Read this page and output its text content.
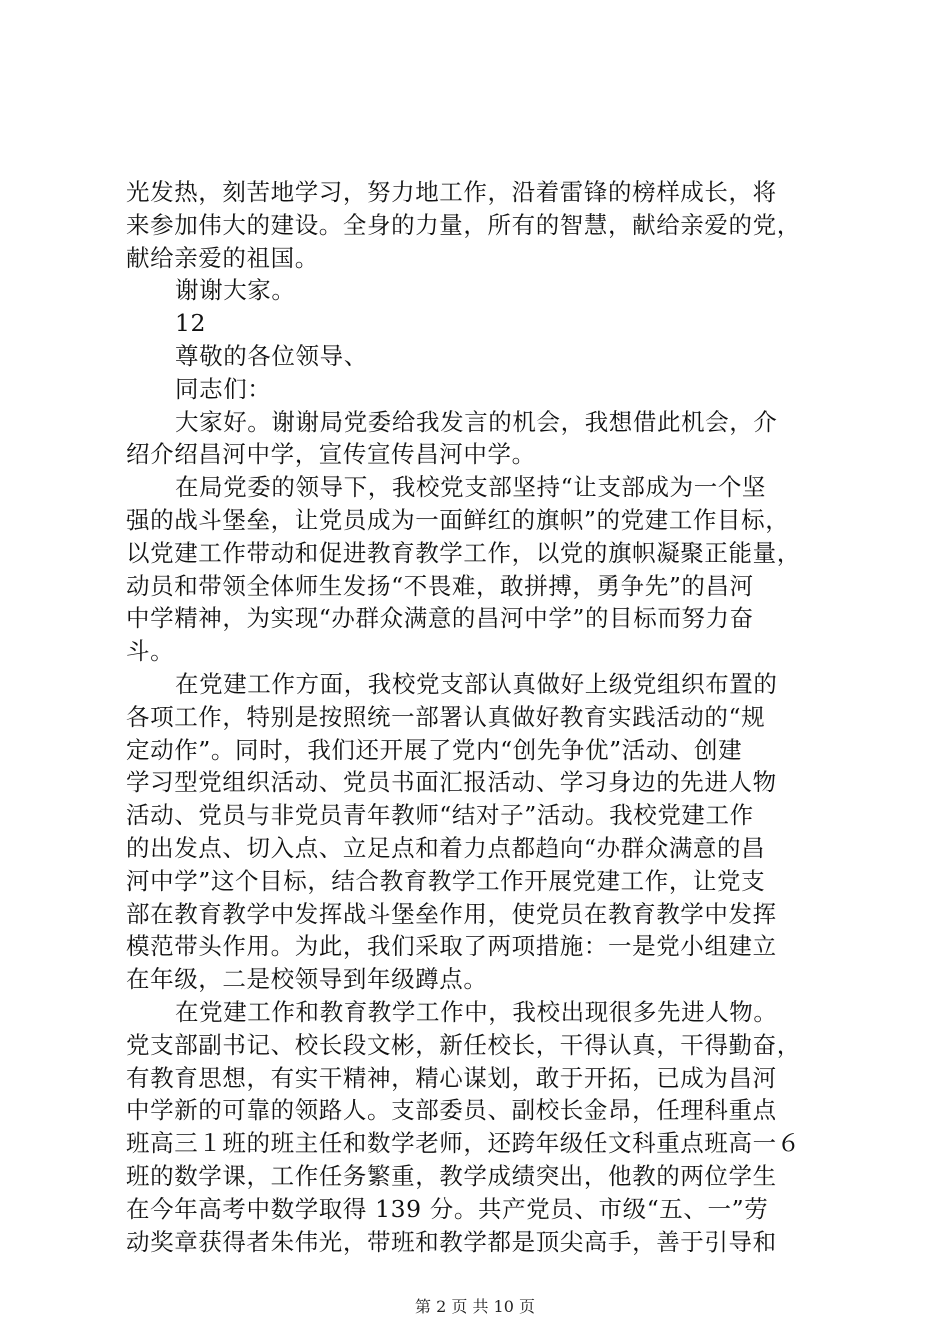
光发热，刻苦地学习，努力地工作，沿着雷锋的榜样成长，将
来参加伟大的建设。全身的力量，所有的智慧，献给亲爱的党，
献给亲爱的祖国。
谢谢大家。
12
尊敬的各位领导、
同志们：
大家好。谢谢局党委给我发言的机会，我想借此机会，介
绍介绍昌河中学，宣传宣传昌河中学。
在局党委的领导下，我校党支部坚持“让支部成为一个坚
强的战斗堡垒，让党员成为一面鲜红的旗帜”的党建工作目标，
以党建工作带动和促进教育教学工作，以党的旗帜凝聚正能量，
动员和带领全体师生发扬“不畏难，敢拼搏，勇争先”的昌河
中学精神，为实现“办群众满意的昌河中学”的目标而努力奋
斗。
在党建工作方面，我校党支部认真做好上级党组织布置的
各项工作，特别是按照统一部署认真做好教育实践活动的“规
定动作”。同时，我们还开展了党内“创先争优”活动、创建
学习型党组织活动、党员书面汇报活动、学习身边的先进人物
活动、党员与非党员青年教师“结对子”活动。我校党建工作
的出发点、切入点、立足点和着力点都趋向“办群众满意的昌
河中学”这个目标，结合教育教学工作开展党建工作，让党支
部在教育教学中发挥战斗堡垒作用，使党员在教育教学中发挥
模范带头作用。为此，我们采取了两项措施：一是党小组建立
在年级，二是校领导到年级蹲点。
在党建工作和教育教学工作中，我校出现很多先进人物。
党支部副书记、校长段文彬，新任校长，干得认真，干得勤奋，
有教育思想，有实干精神，精心谋划，敢于开拓，已成为昌河
中学新的可靠的领路人。支部委员、副校长金昂，任理科重点
班高三１班的班主任和数学老师，还跨年级任文科重点班高一６
班的数学课，工作任务繁重，教学成绩突出，他教的两位学生
在今年高考中数学取得 139 分。共产党员、市级“五、一”劳
动奖章获得者朱伟光，带班和教学都是顶尖高手，善于引导和
第 2 页 共 10 页
